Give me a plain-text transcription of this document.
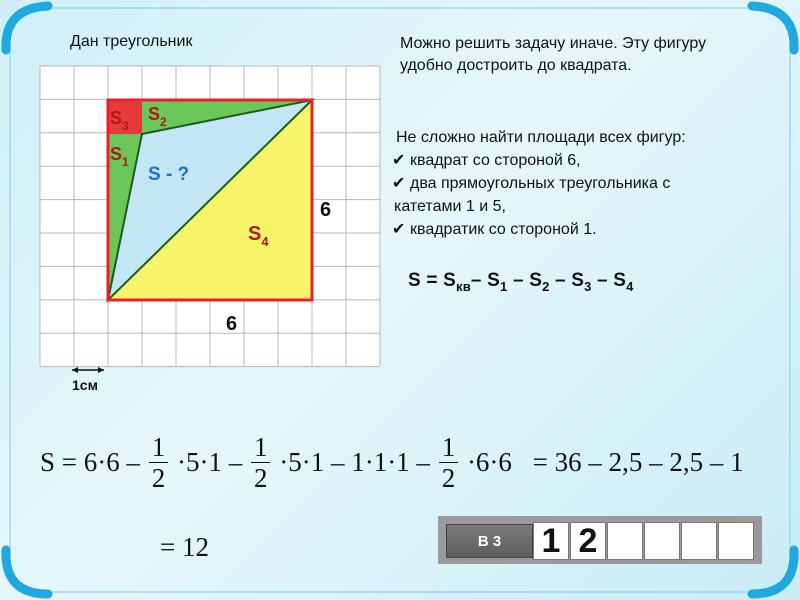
$S_3$
$S_2$
$S_1$
S - ?
$S_4$
6
6
1см
Дан треугольник	Можно решить задачу иначе. Эту фигуру удобно достроить до квадрата.
Не сложно найти площади всех фигур:
✔ квадрат со стороной 6,
✔ два прямоугольных треугольника с
катетами 1 и 5,
✔ квадратик со стороной 1.
$S = S_{кв}-$ $S_1 - S_2 - S_3 - S_4$
$S = 6\cdot 6 - \frac{1}{2} \cdot 5\cdot 1 - \frac{1}{2} \cdot 5\cdot 1 - 1\cdot 1\cdot 1 - \frac{1}{2} \cdot 6\cdot 6 = 36 - 2,5 - 2,5 - 1$
= 12	В 3	1 2
